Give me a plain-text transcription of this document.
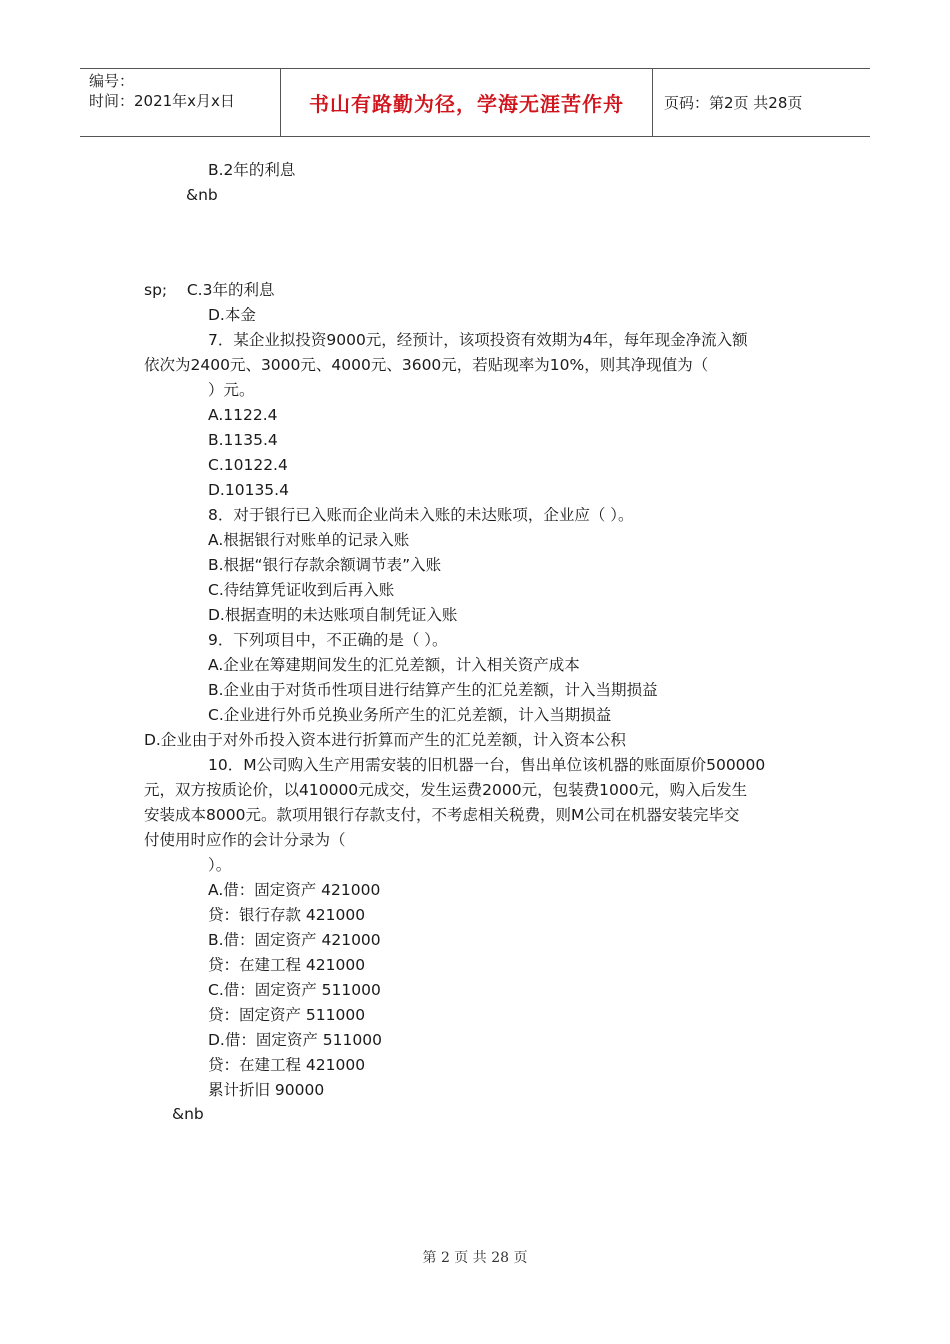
编号：
时间：2021年x月x日	书山有路勤为径，学海无涯苦作舟	页码：第2页 共28页
B.2年的利息
&nb
sp;    C.3年的利息
D.本金
7．某企业拟投资9000元，经预计，该项投资有效期为4年，每年现金净流入额
依次为2400元、3000元、4000元、3600元，若贴现率为10%，则其净现值为（
）元。
A.1122.4
B.1135.4
C.10122.4
D.10135.4
8．对于银行已入账而企业尚未入账的未达账项，企业应（ ）。
A.根据银行对账单的记录入账
B.根据“银行存款余额调节表”入账
C.待结算凭证收到后再入账
D.根据查明的未达账项自制凭证入账
9．下列项目中，不正确的是（ ）。
A.企业在筹建期间发生的汇兑差额，计入相关资产成本
B.企业由于对货币性项目进行结算产生的汇兑差额，计入当期损益
C.企业进行外币兑换业务所产生的汇兑差额，计入当期损益
D.企业由于对外币投入资本进行折算而产生的汇兑差额，计入资本公积
10．M公司购入生产用需安装的旧机器一台，售出单位该机器的账面原价500000
元，双方按质论价，以410000元成交，发生运费2000元，包装费1000元，购入后发生
安装成本8000元。款项用银行存款支付，不考虑相关税费，则M公司在机器安装完毕交
付使用时应作的会计分录为（
）。
A.借：固定资产 421000
贷：银行存款 421000
B.借：固定资产 421000
贷：在建工程 421000
C.借：固定资产 511000
贷：固定资产 511000
D.借：固定资产 511000
贷：在建工程 421000
累计折旧 90000
&nb
第 2 页 共 28 页
